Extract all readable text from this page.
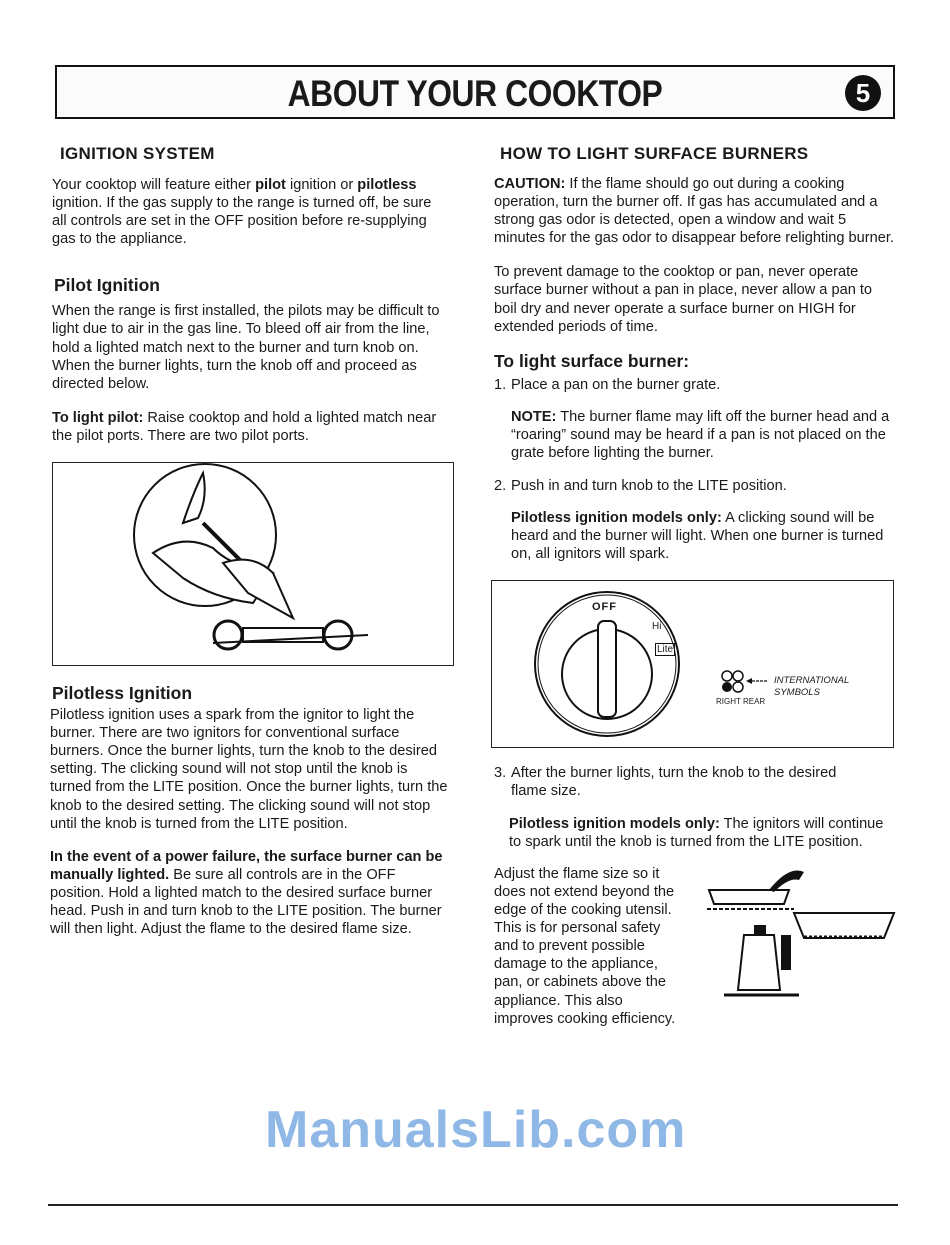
ABOUT YOUR COOKTOP	5
IGNITION SYSTEM

Your cooktop will feature either pilot ignition or pilotless ignition. If the gas supply to the range is turned off, be sure all controls are set in the OFF position before re-supplying gas to the appliance.

Pilot Ignition

When the range is first installed, the pilots may be difficult to light due to air in the gas line. To bleed off air from the line, hold a lighted match next to the burner and turn knob on. When the burner lights, turn the knob off and proceed as directed below.

To light pilot: Raise cooktop and hold a lighted match near the pilot ports. There are two pilot ports.

Pilotless Ignition

Pilotless ignition uses a spark from the ignitor to light the burner. There are two ignitors for conventional surface burners. Once the burner lights, turn the knob to the desired setting. The clicking sound will not stop until the knob is turned from the LITE position. Once the burner lights, turn the knob to the desired setting. The clicking sound will not stop until the knob is turned from the LITE position.

In the event of a power failure, the surface burner can be manually lighted. Be sure all controls are in the OFF position. Hold a lighted match to the desired surface burner head. Push in and turn knob to the LITE position. The burner will then light. Adjust the flame to the desired flame size.

HOW TO LIGHT SURFACE BURNERS

CAUTION: If the flame should go out during a cooking operation, turn the burner off. If gas has accumulated and a strong gas odor is detected, open a window and wait 5 minutes for the gas odor to disappear before relighting burner.

To prevent damage to the cooktop or pan, never operate surface burner without a pan in place, never allow a pan to boil dry and never operate a surface burner on HIGH for extended periods of time.

To light surface burner:

1. Place a pan on the burner grate.

NOTE: The burner flame may lift off the burner head and a “roaring” sound may be heard if a pan is not placed on the grate before lighting the burner.

2. Push in and turn knob to the LITE position.

Pilotless ignition models only: A clicking sound will be heard and the burner will light. When one burner is turned on, all ignitors will spark.

OFF
Hi
Lite
RIGHT REAR
INTERNATIONAL
SYMBOLS

3. After the burner lights, turn the knob to the desired flame size.

Pilotless ignition models only: The ignitors will continue to spark until the knob is turned from the LITE position.

Adjust the flame size so it does not extend beyond the edge of the cooking utensil. This is for personal safety and to prevent possible damage to the appliance, pan, or cabinets above the appliance. This also improves cooking efficiency.

ManualsLib.com
